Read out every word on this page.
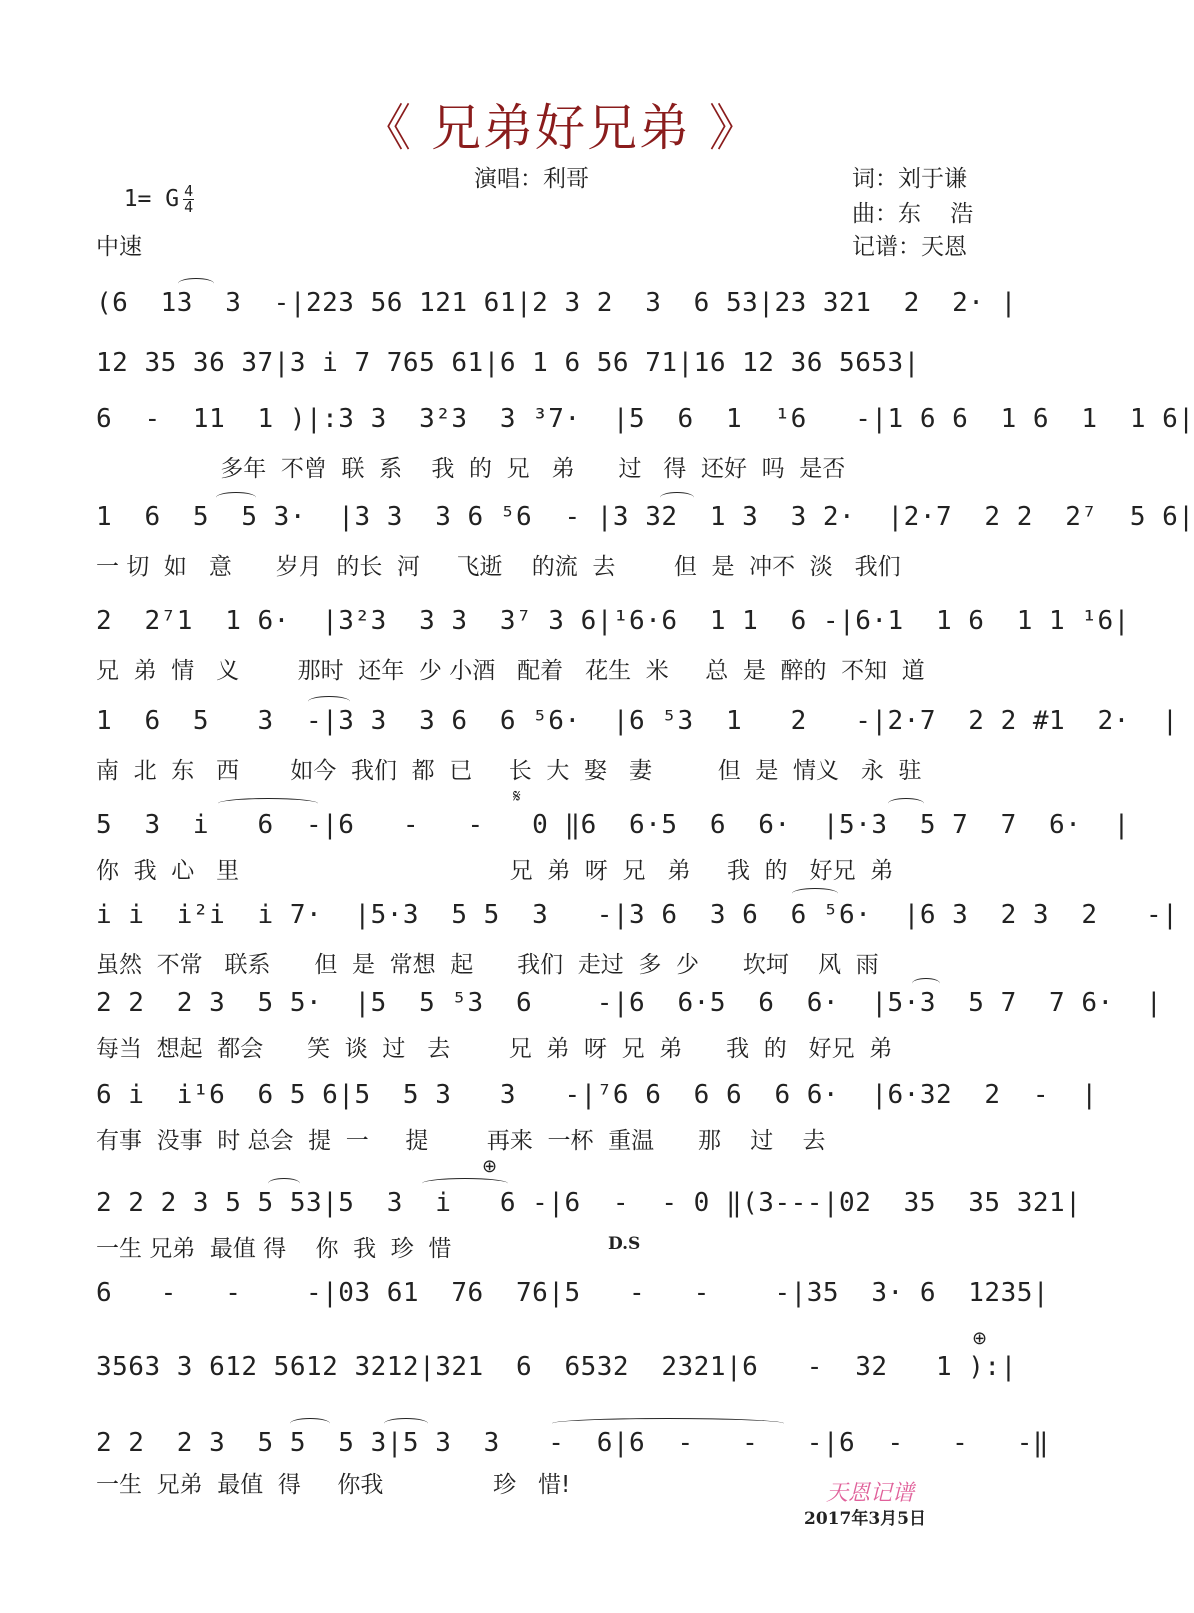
《 兄弟好兄弟 》

1= G $\frac{4}{4}$

演唱：利哥	词：刘于谦
曲：东    浩
中速	记谱：天恩
(6  13  3  -|223 56 121 61|2 3 2  3  6 53|23 321  2  2· |
12 35 36 37|3 i 7 765 61|6 1 6 56 71|16 12 36 5653|
6  -  11  1 )|:3 3  3²3  3 ³7·  |5  6  1  ¹6   -|1 6 6  1 6  1  1 6|
多年  不曾  联  系    我  的  兄   弟      过   得  还好  吗  是否
1  6  5  5 3·  |3 3  3 6 ⁵6  - |3 32  1 3  3 2·  |2·7  2 2  2⁷  5 6|
一 切  如   意      岁月  的长  河     飞逝    的流  去        但  是  冲不  淡   我们
2  2⁷1  1 6·  |3²3  3 3  3⁷ 3 6|¹6·6  1 1  6 -|6·1  1 6  1 1 ¹6|
兄  弟  情   义        那时  还年  少 小酒   配着   花生  米     总  是  醉的  不知  道
1  6  5   3  -|3 3  3 6  6 ⁵6·  |6 ⁵3  1   2   -|2·7  2 2 #1  2·  |
南  北  东   西       如今  我们  都  已     长  大  娶   妻         但  是  情义   永  驻
5  3  i   6  -|6   -   -   0 ‖6  6·5  6  6·  |5·3  5 7  7  6·  |
你  我  心   里                                     兄  弟  呀  兄   弟     我  的   好兄  弟
𝄋
i i  i²i  i 7·  |5·3  5 5  3   -|3 6  3 6  6 ⁵6·  |6 3  2 3  2   -|
虽然  不常   联系      但  是  常想  起      我们  走过  多  少      坎坷    风  雨
2 2  2 3  5 5·  |5  5 ⁵3  6    -|6  6·5  6  6·  |5·3  5 7  7 6·  |
每当  想起  都会      笑  谈  过   去        兄  弟  呀  兄  弟      我  的   好兄  弟
6 i  i¹6  6 5 6|5  5 3   3   -|⁷6 6  6 6  6 6·  |6·32  2  -  |
有事  没事  时 总会  提  一     提        再来  一杯  重温      那    过    去
2 2 2 3 5 5 53|5  3  i   6 -|6  -  - 0 ‖(3---|02  35  35 321|
一生 兄弟  最值 得    你  我  珍  惜
⊕
D.S
6   -   -    -|03 61  76  76|5   -   -    -|35  3· 6  1235|
3563 3 612 5612 3212|321  6  6532  2321|6   -  32   1 ):|
⊕
2 2  2 3  5 5  5 3|5 3  3   -  6|6  -   -   -|6  -   -   -‖
一生  兄弟  最值  得     你我               珍   惜!	天恩记谱
2017年3月5日
